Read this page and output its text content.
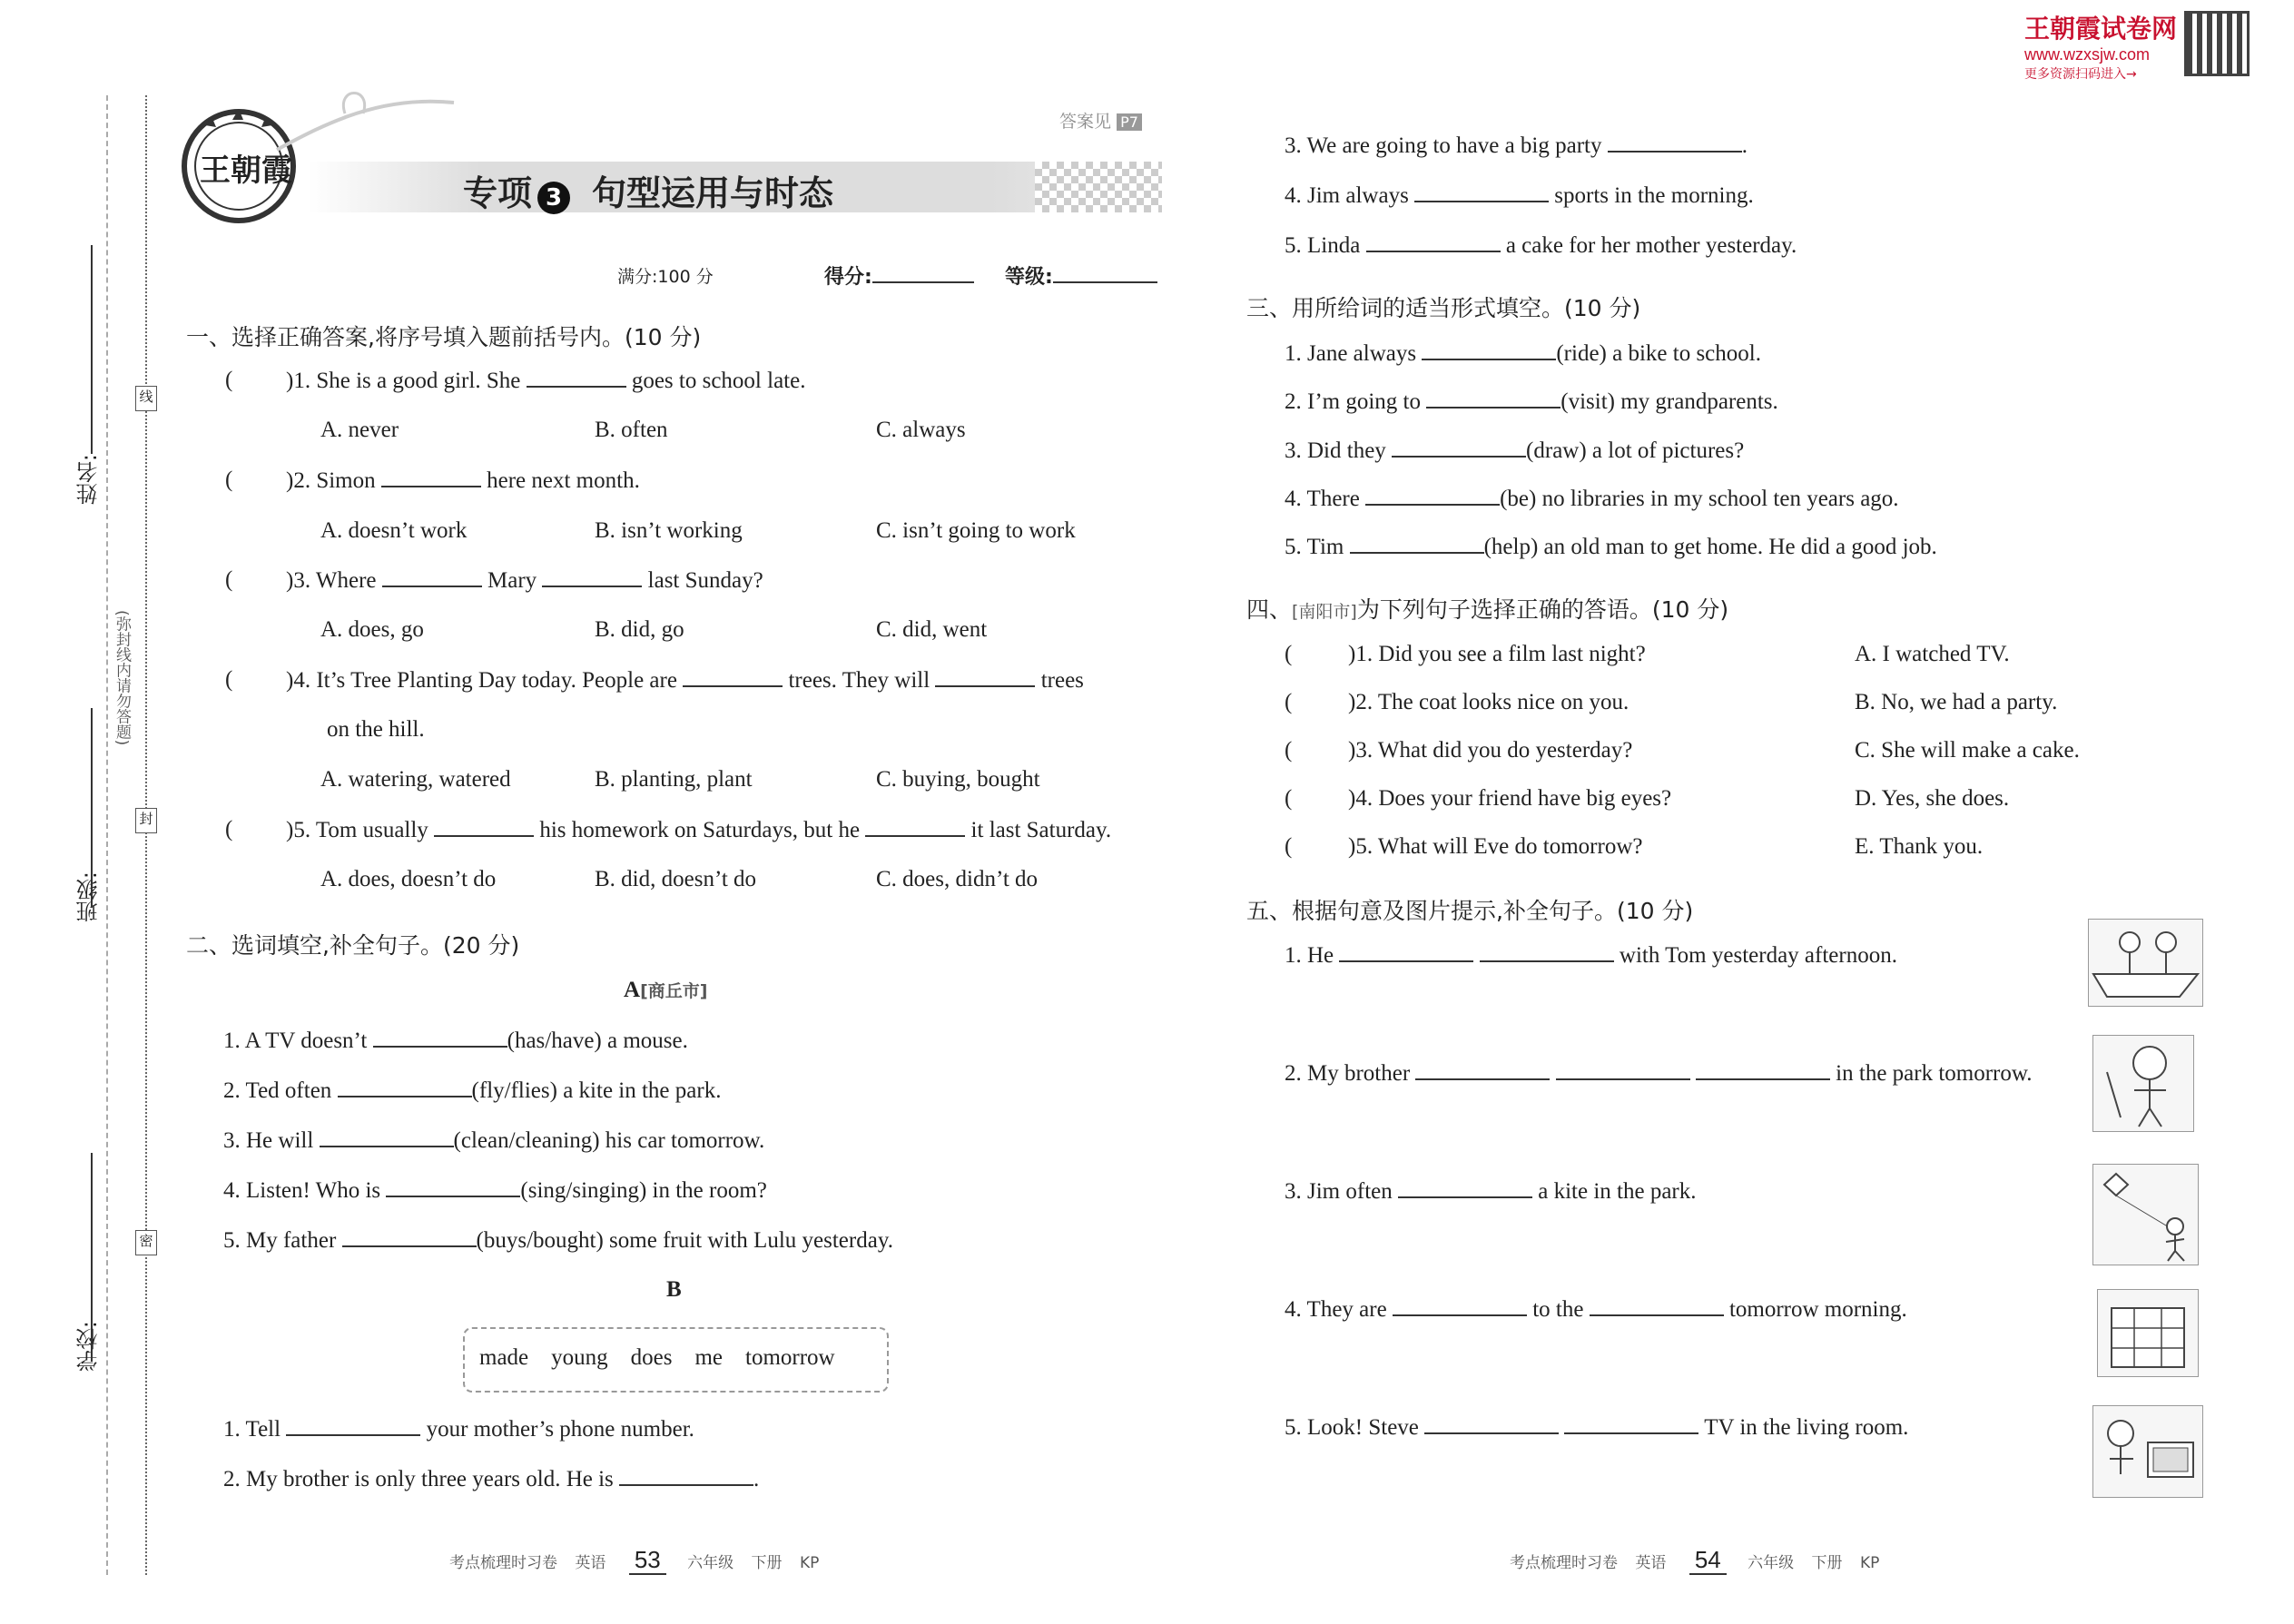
姓名:
班级:
学校:
(弥封线内请勿答题)
线
封
密
王朝霞
王朝霞试卷网
www.wzxsjw.com
更多资源扫码进入→
答案见 P7
专项 3 句型运用与时态
满分:100 分	得分:	等级:
一、选择正确答案,将序号填入题前括号内。(10 分)
( )1. She is a good girl. She	goes to school late.
A. never	B. often	C. always
( )2. Simon	here next month.
A. doesn’t work	B. isn’t working	C. isn’t going to work
( )3. Where	Mary	last Sunday?
A. does, go	B. did, go	C. did, went
( )4. It’s Tree Planting Day today. People are	trees. They will	trees
on the hill.
A. watering, watered	B. planting, plant	C. buying, bought
( )5. Tom usually	his homework on Saturdays, but he	it last Saturday.
A. does, doesn’t do	B. did, doesn’t do	C. does, didn’t do
二、选词填空,补全句子。(20 分)
A[商丘市]
1. A TV doesn’t	(has/have) a mouse.
2. Ted often	(fly/flies) a kite in the park.
3. He will	(clean/cleaning) his car tomorrow.
4. Listen! Who is	(sing/singing) in the room?
5. My father	(buys/bought) some fruit with Lulu yesterday.
B
made    young    does    me    tomorrow
1. Tell	your mother’s phone number.
2. My brother is only three years old. He is	.
3. We are going to have a big party	.
4. Jim always	sports in the morning.
5. Linda	a cake for her mother yesterday.
三、用所给词的适当形式填空。(10 分)
1. Jane always	(ride) a bike to school.
2. I’m going to	(visit) my grandparents.
3. Did they	(draw) a lot of pictures?
4. There	(be) no libraries in my school ten years ago.
5. Tim	(help) an old man to get home. He did a good job.
四、[南阳市]为下列句子选择正确的答语。(10 分)
( )1. Did you see a film last night?	A. I watched TV.
( )2. The coat looks nice on you.	B. No, we had a party.
( )3. What did you do yesterday?	C. She will make a cake.
( )4. Does your friend have big eyes?	D. Yes, she does.
( )5. What will Eve do tomorrow?	E. Thank you.
五、根据句意及图片提示,补全句子。(10 分)
1. He	with Tom yesterday afternoon.
2. My brother	in the park tomorrow.
3. Jim often	a kite in the park.
4. They are	to the	tomorrow morning.
5. Look! Steve	TV in the living room.
考点梳理时习卷 英语 53 六年级 下册 KP	考点梳理时习卷 英语 54 六年级 下册 KP
